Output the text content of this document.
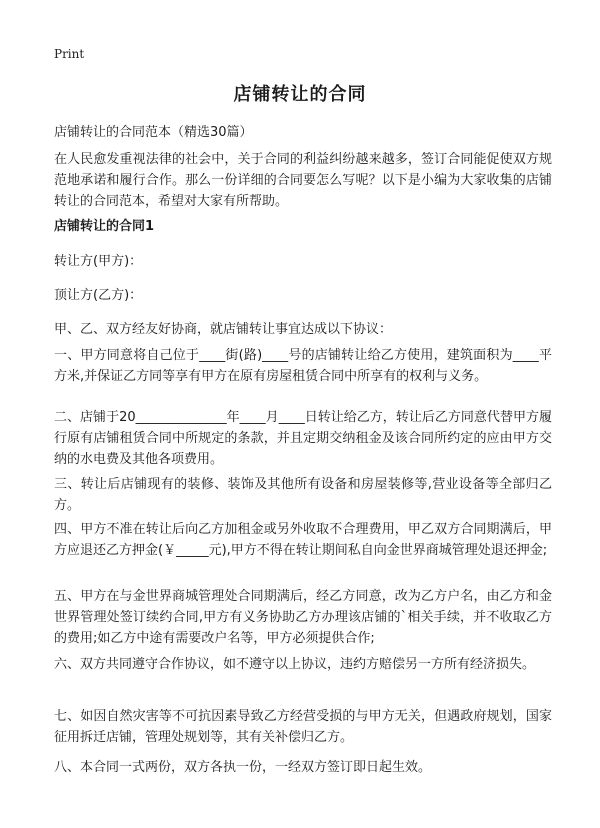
Print
店铺转让的合同

店铺转让的合同范本（精选30篇）

在人民愈发重视法律的社会中，关于合同的利益纠纷越来越多，签订合同能促使双方规范地承诺和履行合作。那么一份详细的合同要怎么写呢？以下是小编为大家收集的店铺转让的合同范本，希望对大家有所帮助。

店铺转让的合同1

转让方(甲方)：

顶让方(乙方)：

甲、乙、双方经友好协商，就店铺转让事宜达成以下协议：

一、甲方同意将自己位于____街(路)____号的店铺转让给乙方使用，建筑面积为____平方米,并保证乙方同等享有甲方在原有房屋租赁合同中所享有的权利与义务。

二、店铺于20______________年____月____日转让给乙方，转让后乙方同意代替甲方履行原有店铺租赁合同中所规定的条款，并且定期交纳租金及该合同所约定的应由甲方交纳的水电费及其他各项费用。

三、转让后店铺现有的装修、装饰及其他所有设备和房屋装修等,营业设备等全部归乙方。

四、甲方不准在转让后向乙方加租金或另外收取不合理费用，甲乙双方合同期满后，甲方应退还乙方押金(￥_____元),甲方不得在转让期间私自向金世界商城管理处退还押金;

五、甲方在与金世界商城管理处合同期满后，经乙方同意，改为乙方户名，由乙方和金世界管理处签订续约合同,甲方有义务协助乙方办理该店铺的`相关手续，并不收取乙方的费用;如乙方中途有需要改户名等，甲方必须提供合作;

六、双方共同遵守合作协议，如不遵守以上协议，违约方赔偿另一方所有经济损失。

七、如因自然灾害等不可抗因素导致乙方经营受损的与甲方无关，但遇政府规划，国家征用拆迁店铺，管理处规划等，其有关补偿归乙方。

八、本合同一式两份，双方各执一份，一经双方签订即日起生效。
